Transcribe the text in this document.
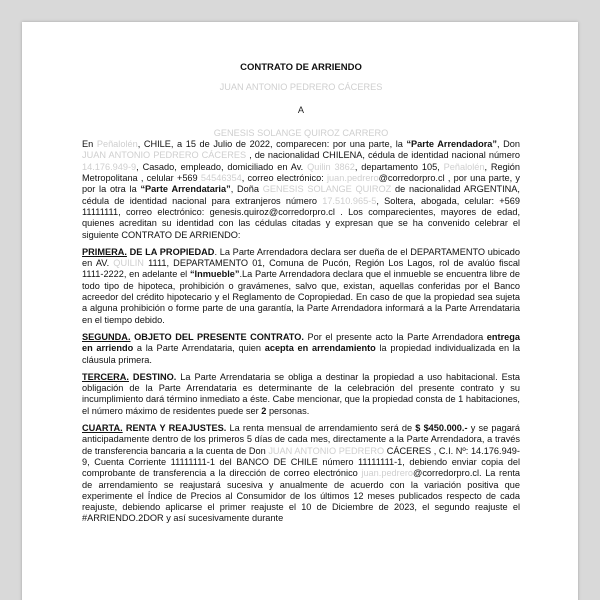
CONTRATO DE ARRIENDO

JUAN ANTONIO PEDRERO CÁCERES

A

GENESIS SOLANGE QUIROZ CARRERO

En Peñalolén, CHILE, a 15 de Julio de 2022, comparecen: por una parte, la “Parte Arrendadora”, Don JUAN ANTONIO PEDRERO CÁCERES , de nacionalidad CHILENA, cédula de identidad nacional número 14.176.949-9, Casado, empleado, domiciliado en Av. Quilin 3862, departamento 105, Peñalolén, Región Metropolitana , celular +569 54546354, correo electrónico: juan.pedrero@corredorpro.cl , por una parte, y por la otra la “Parte Arrendataria”, Doña GENESIS SOLANGE QUIROZ de nacionalidad ARGENTINA, cédula de identidad nacional para extranjeros número 17.510.965-5, Soltera, abogada, celular: +569 11111111, correo electrónico: genesis.quiroz@corredorpro.cl . Los comparecientes, mayores de edad, quienes acreditan su identidad con las cédulas citadas y expresan que se ha convenido celebrar el siguiente CONTRATO DE ARRIENDO:

PRIMERA. DE LA PROPIEDAD. La Parte Arrendadora declara ser dueña de el DEPARTAMENTO ubicado en AV. QUILIN 1111, DEPARTAMENTO 01, Comuna de Pucón, Región Los Lagos, rol de avalúo fiscal 1111-2222, en adelante el “Inmueble”.La Parte Arrendadora declara que el inmueble se encuentra libre de todo tipo de hipoteca, prohibición o gravámenes, salvo que, existan, aquellas conferidas por el Banco acreedor del crédito hipotecario y el Reglamento de Copropiedad. En caso de que la propiedad sea sujeta a alguna prohibición o forme parte de una garantía, la Parte Arrendadora informará a la Parte Arrendataria en el tiempo debido.

SEGUNDA. OBJETO DEL PRESENTE CONTRATO. Por el presente acto la Parte Arrendadora entrega en arriendo a la Parte Arrendataria, quien acepta en arrendamiento la propiedad individualizada en la cláusula primera.

TERCERA. DESTINO. La Parte Arrendataria se obliga a destinar la propiedad a uso habitacional. Esta obligación de la Parte Arrendataria es determinante de la celebración del presente contrato y su incumplimiento dará término inmediato a éste. Cabe mencionar, que la propiedad consta de 1 habitaciones, el número máximo de residentes puede ser 2 personas.

CUARTA. RENTA Y REAJUSTES. La renta mensual de arrendamiento será de $ $450.000.- y se pagará anticipadamente dentro de los primeros 5 días de cada mes, directamente a la Parte Arrendadora, a través de transferencia bancaria a la cuenta de Don JUAN ANTONIO PEDRERO CÁCERES , C.I. Nº: 14.176.949-9, Cuenta Corriente 11111111-1 del BANCO DE CHILE número 11111111-1, debiendo enviar copia del comprobante de transferencia a la dirección de correo electrónico juan.pedrero@corredorpro.cl. La renta de arrendamiento se reajustará sucesiva y anualmente de acuerdo con la variación positiva que experimente el Índice de Precios al Consumidor de los últimos 12 meses publicados respecto de cada reajuste, debiendo aplicarse el primer reajuste el 10 de Diciembre de 2023, el segundo reajuste el #ARRIENDO.2DOR y así sucesivamente durante
